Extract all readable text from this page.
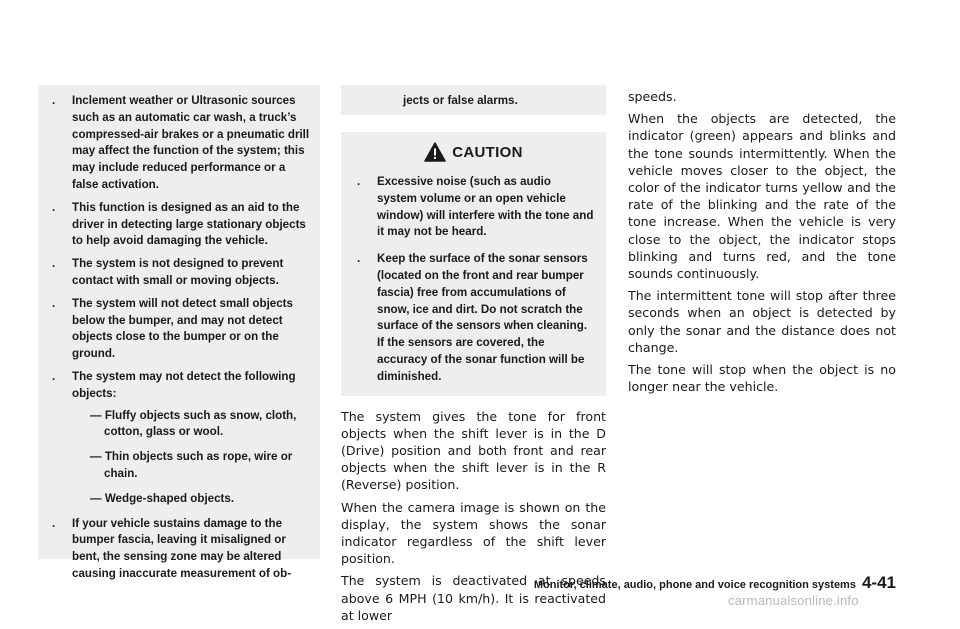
. Inclement weather or Ultrasonic sources such as an automatic car wash, a truck’s compressed-air brakes or a pneumatic drill may affect the function of the system; this may include reduced performance or a false activation.
. This function is designed as an aid to the driver in detecting large stationary objects to help avoid damaging the vehicle.
. The system is not designed to prevent contact with small or moving objects.
. The system will not detect small objects below the bumper, and may not detect objects close to the bumper or on the ground.
. The system may not detect the following objects:
— Fluffy objects such as snow, cloth, cotton, glass or wool.
— Thin objects such as rope, wire or chain.
— Wedge-shaped objects.
. If your vehicle sustains damage to the bumper fascia, leaving it misaligned or bent, the sensing zone may be altered causing inaccurate measurement of ob-
jects or false alarms.
CAUTION
. Excessive noise (such as audio system volume or an open vehicle window) will interfere with the tone and it may not be heard.
. Keep the surface of the sonar sensors (located on the front and rear bumper fascia) free from accumulations of snow, ice and dirt. Do not scratch the surface of the sensors when cleaning. If the sensors are covered, the accuracy of the sonar function will be diminished.

The system gives the tone for front objects when the shift lever is in the D (Drive) position and both front and rear objects when the shift lever is in the R (Reverse) position.

When the camera image is shown on the display, the system shows the sonar indicator regardless of the shift lever position.

The system is deactivated at speeds above 6 MPH (10 km/h). It is reactivated at lower

speeds.

When the objects are detected, the indicator (green) appears and blinks and the tone sounds intermittently. When the vehicle moves closer to the object, the color of the indicator turns yellow and the rate of the blinking and the rate of the tone increase. When the vehicle is very close to the object, the indicator stops blinking and turns red, and the tone sounds continuously.

The intermittent tone will stop after three seconds when an object is detected by only the sonar and the distance does not change.

The tone will stop when the object is no longer near the vehicle.

Monitor, climate, audio, phone and voice recognition systems 4-41
carmanualsonline.info
